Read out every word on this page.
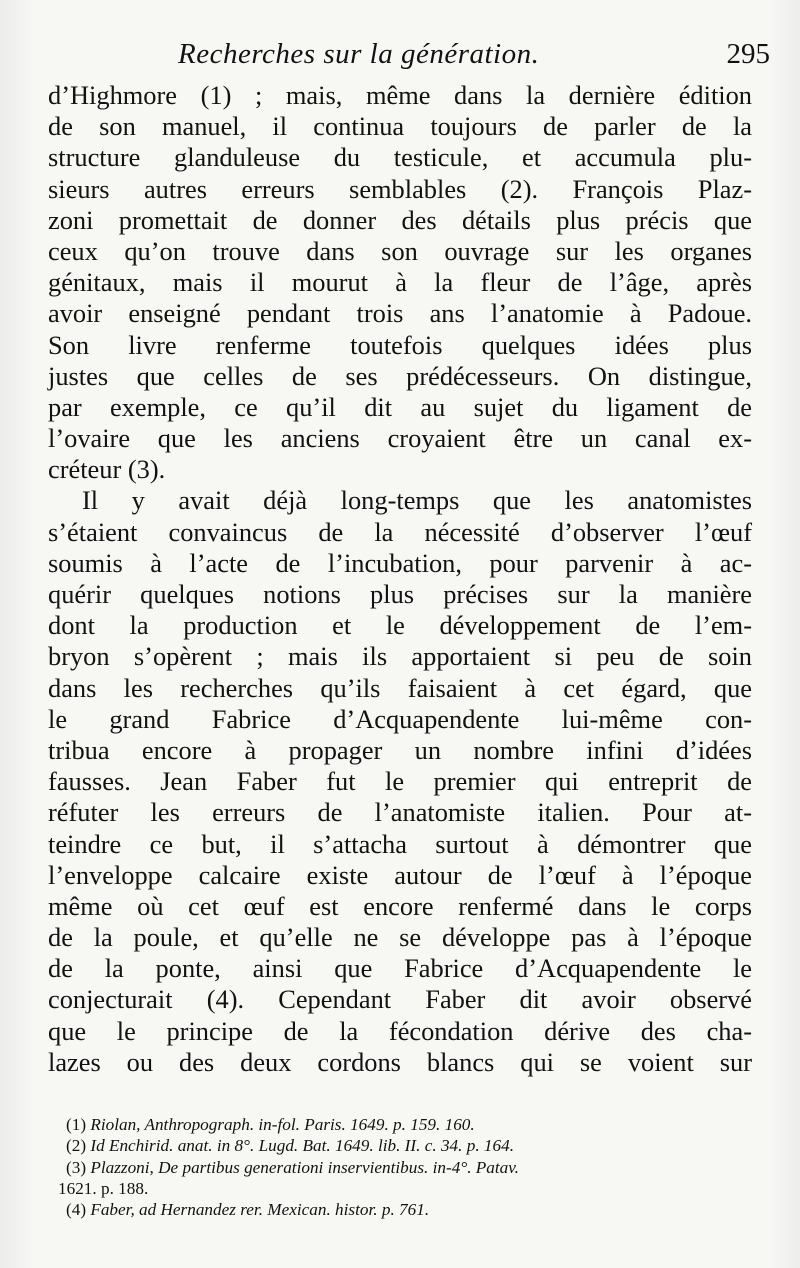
Recherches sur la génération.	295
d’Highmore (1) ; mais, même dans la dernière édition
de son manuel, il continua toujours de parler de la
structure glanduleuse du testicule, et accumula plu-
sieurs autres erreurs semblables (2). François Plaz-
zoni promettait de donner des détails plus précis que
ceux qu’on trouve dans son ouvrage sur les organes
génitaux, mais il mourut à la fleur de l’âge, après
avoir enseigné pendant trois ans l’anatomie à Padoue.
Son livre renferme toutefois quelques idées plus
justes que celles de ses prédécesseurs. On distingue,
par exemple, ce qu’il dit au sujet du ligament de
l’ovaire que les anciens croyaient être un canal ex-
créteur (3).
Il y avait déjà long-temps que les anatomistes
s’étaient convaincus de la nécessité d’observer l’œuf
soumis à l’acte de l’incubation, pour parvenir à ac-
quérir quelques notions plus précises sur la manière
dont la production et le développement de l’em-
bryon s’opèrent ; mais ils apportaient si peu de soin
dans les recherches qu’ils faisaient à cet égard, que
le grand Fabrice d’Acquapendente lui-même con-
tribua encore à propager un nombre infini d’idées
fausses. Jean Faber fut le premier qui entreprit de
réfuter les erreurs de l’anatomiste italien. Pour at-
teindre ce but, il s’attacha surtout à démontrer que
l’enveloppe calcaire existe autour de l’œuf à l’époque
même où cet œuf est encore renfermé dans le corps
de la poule, et qu’elle ne se développe pas à l’époque
de la ponte, ainsi que Fabrice d’Acquapendente le
conjecturait (4). Cependant Faber dit avoir observé
que le principe de la fécondation dérive des cha-
lazes ou des deux cordons blancs qui se voient sur
(1) Riolan, Anthropograph. in-fol. Paris. 1649. p. 159. 160.
(2) Id Enchirid. anat. in 8°. Lugd. Bat. 1649. lib. II. c. 34. p. 164.
(3) Plazzoni, De partibus generationi inservientibus. in-4°. Patav.
1621. p. 188.
(4) Faber, ad Hernandez rer. Mexican. histor. p. 761.
